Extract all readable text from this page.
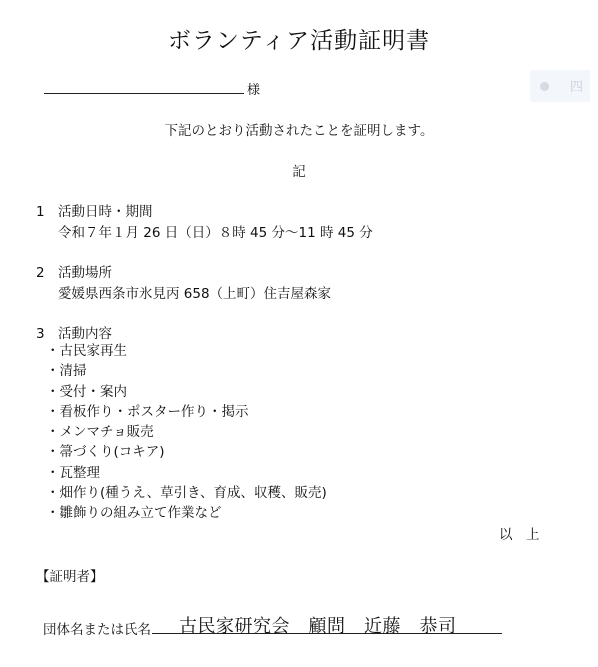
ボランティア活動証明書
様	四
下記のとおり活動されたことを証明します。
記
1 活動日時・期間
令和７年１月 26 日（日）８時 45 分～11 時 45 分
2 活動場所
愛媛県西条市氷見丙 658（上町）住吉屋森家
3 活動内容
・古民家再生
・清掃
・受付・案内
・看板作り・ポスター作り・掲示
・メンマチョ販売
・箒づくり(コキア)
・瓦整理
・畑作り(種うえ、草引き、育成、収穫、販売)
・雛飾りの組み立て作業など
以　上
【証明者】
団体名または氏名 古民家研究会　顧問　近藤　恭司
